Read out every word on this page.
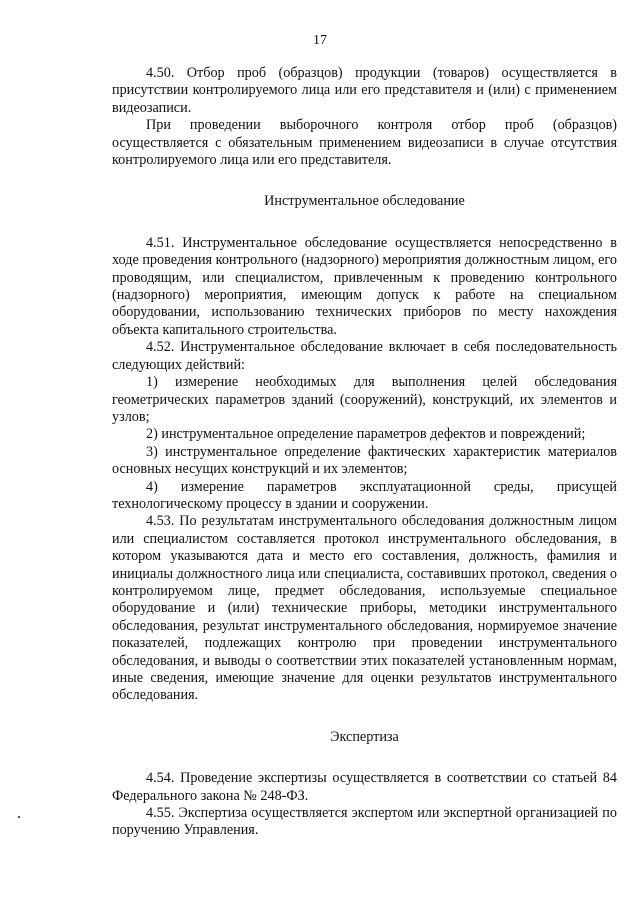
17

4.50. Отбор проб (образцов) продукции (товаров) осуществляется в присутствии контролируемого лица или его представителя и (или) с применением видеозаписи.

При проведении выборочного контроля отбор проб (образцов) осуществляется с обязательным применением видеозаписи в случае отсутствия контролируемого лица или его представителя.

Инструментальное обследование

4.51. Инструментальное обследование осуществляется непосредственно в ходе проведения контрольного (надзорного) мероприятия должностным лицом, его проводящим, или специалистом, привлеченным к проведению контрольного (надзорного) мероприятия, имеющим допуск к работе на специальном оборудовании, использованию технических приборов по месту нахождения объекта капитального строительства.

4.52. Инструментальное обследование включает в себя последовательность следующих действий:

1) измерение необходимых для выполнения целей обследования геометрических параметров зданий (сооружений), конструкций, их элементов и узлов;

2) инструментальное определение параметров дефектов и повреждений;

3) инструментальное определение фактических характеристик материалов основных несущих конструкций и их элементов;

4) измерение параметров эксплуатационной среды, присущей технологическому процессу в здании и сооружении.

4.53. По результатам инструментального обследования должностным лицом или специалистом составляется протокол инструментального обследования, в котором указываются дата и место его составления, должность, фамилия и инициалы должностного лица или специалиста, составивших протокол, сведения о контролируемом лице, предмет обследования, используемые специальное оборудование и (или) технические приборы, методики инструментального обследования, результат инструментального обследования, нормируемое значение показателей, подлежащих контролю при проведении инструментального обследования, и выводы о соответствии этих показателей установленным нормам, иные сведения, имеющие значение для оценки результатов инструментального обследования.

Экспертиза

4.54. Проведение экспертизы осуществляется в соответствии со статьей 84 Федерального закона № 248-ФЗ.

4.55. Экспертиза осуществляется экспертом или экспертной организацией по поручению Управления.
